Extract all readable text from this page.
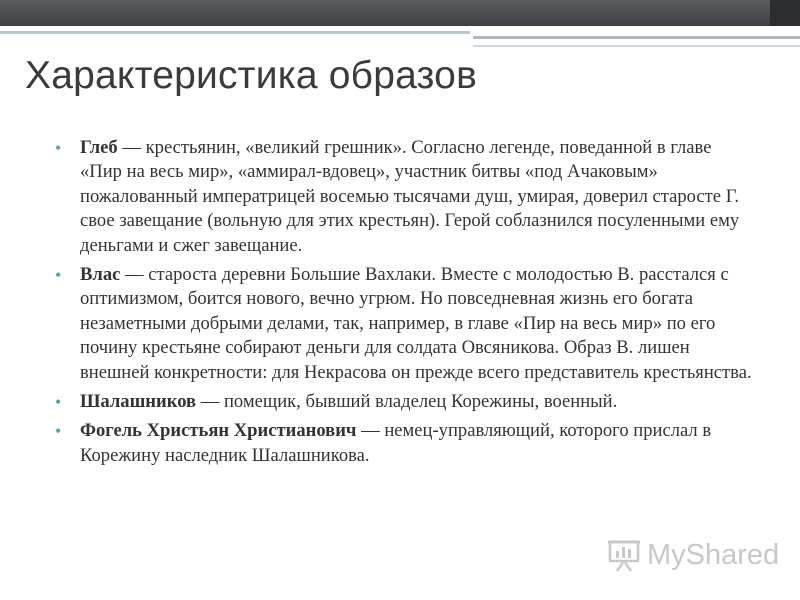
Характеристика образов
• Глеб — крестьянин, «великий грешник». Согласно легенде, поведанной в главе «Пир на весь мир», «аммирал-вдовец», участник битвы «под Ачаковым» пожалованный императрицей восемью тысячами душ, умирая, доверил старосте Г. свое завещание (вольную для этих крестьян). Герой соблазнился посуленными ему деньгами и сжег завещание.
• Влас — староста деревни Большие Вахлаки. Вместе с молодостью В. расстался с оптимизмом, боится нового, вечно угрюм. Но повседневная жизнь его богата незаметными добрыми делами, так, например, в главе «Пир на весь мир» по его почину крестьяне собирают деньги для солдата Овсяникова. Образ В. лишен внешней конкретности: для Некрасова он прежде всего представитель крестьянства.
• Шалашников — помещик, бывший владелец Корежины, военный.
• Фогель Христьян Христианович — немец-управляющий, которого прислал в Корежину наследник Шалашникова.
MyShared
